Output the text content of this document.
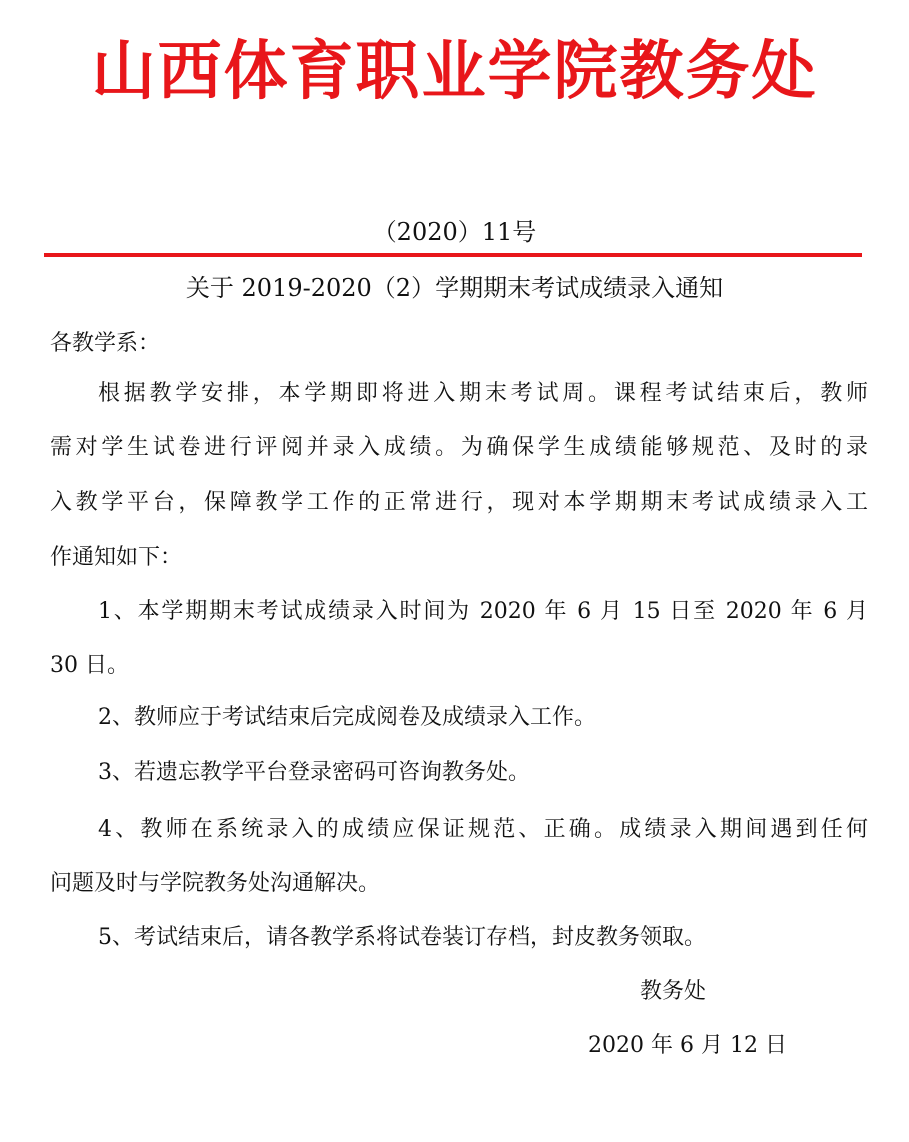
山西体育职业学院教务处
（2020）11号
关于 2019-2020（2）学期期末考试成绩录入通知
各教学系：
根据教学安排，本学期即将进入期末考试周。课程考试结束后，教师
需对学生试卷进行评阅并录入成绩。为确保学生成绩能够规范、及时的录
入教学平台，保障教学工作的正常进行，现对本学期期末考试成绩录入工
作通知如下：
1、本学期期末考试成绩录入时间为 2020 年 6 月 15 日至 2020 年 6 月
30 日。
2、教师应于考试结束后完成阅卷及成绩录入工作。
3、若遗忘教学平台登录密码可咨询教务处。
4、教师在系统录入的成绩应保证规范、正确。成绩录入期间遇到任何
问题及时与学院教务处沟通解决。
5、考试结束后，请各教学系将试卷装订存档，封皮教务领取。
教务处
2020 年 6 月 12 日
